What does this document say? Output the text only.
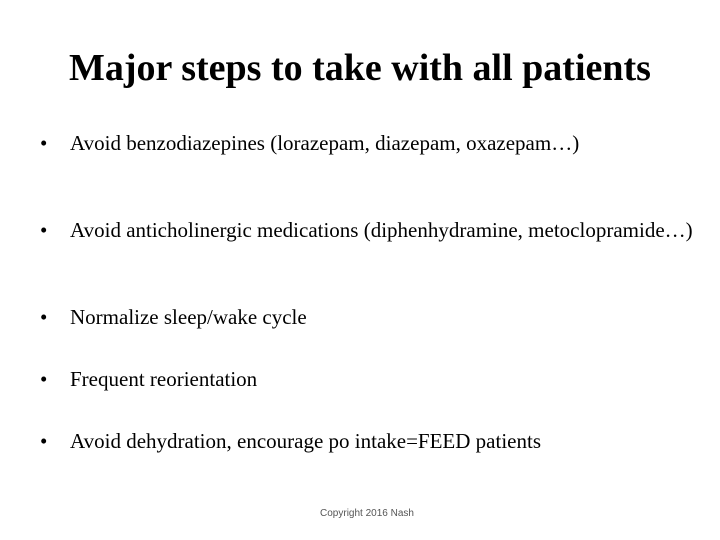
Major steps to take with all patients
• Avoid benzodiazepines (lorazepam, diazepam, oxazepam…)
• Avoid anticholinergic medications (diphenhydramine, metoclopramide…)
• Normalize sleep/wake cycle
• Frequent reorientation
• Avoid dehydration, encourage po intake=FEED patients
Copyright 2016 Nash
